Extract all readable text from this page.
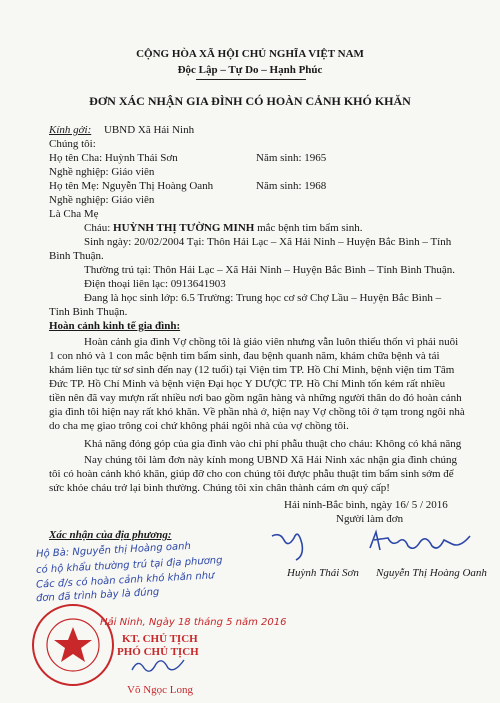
CỘNG HÒA XÃ HỘI CHỦ NGHĨA VIỆT NAM
Độc Lập – Tự Do – Hạnh Phúc
ĐƠN XÁC NHẬN GIA ĐÌNH CÓ HOÀN CẢNH KHÓ KHĂN
Kính gởi: UBND Xã Hải Ninh
Chúng tôi:
Họ tên Cha: Huỳnh Thái Sơn	Năm sinh: 1965
Nghề nghiệp: Giáo viên
Họ tên Mẹ: Nguyễn Thị Hoàng Oanh	Năm sinh: 1968
Nghề nghiệp: Giáo viên
Là Cha Mẹ
Cháu: HUỲNH THỊ TƯỜNG MINH mắc bệnh tim bẩm sinh.
Sinh ngày: 20/02/2004 Tại: Thôn Hải Lạc – Xã Hải Ninh – Huyện Bắc Bình – Tỉnh
Bình Thuận.
Thường trú tại: Thôn Hải Lạc – Xã Hải Ninh – Huyện Bắc Bình – Tỉnh Bình Thuận.
Điện thoại liên lạc: 0913641903
Đang là học sinh lớp: 6.5 Trường: Trung học cơ sở Chợ Lầu – Huyện Bắc Bình –
Tỉnh Bình Thuận.
Hoàn cảnh kinh tế gia đình:
Hoàn cảnh gia đình Vợ chồng tôi là giáo viên nhưng vẫn luôn thiếu thốn vì phải nuôi
1 con nhỏ và 1 con mắc bệnh tim bẩm sinh, đau bệnh quanh năm, khám chữa bệnh và tái
khám liên tục từ sơ sinh đến nay (12 tuổi) tại Viện tim TP. Hồ Chí Minh, bệnh viện tim Tâm
Đức TP. Hồ Chí Minh và bệnh viện Đại học Y DƯỢC TP. Hồ Chí Minh tốn kém rất nhiều
tiền nên đã vay mượn rất nhiều nơi bao gồm ngân hàng và những người thân do đó hoàn cảnh
gia đình tôi hiện nay rất khó khăn. Về phần nhà ở, hiện nay Vợ chồng tôi ở tạm trong ngôi nhà
do cha mẹ giao trông coi chứ không phải ngôi nhà của vợ chồng tôi.
Khả năng đóng góp của gia đình vào chi phí phẫu thuật cho cháu: Không có khả năng
Nay chúng tôi làm đơn này kính mong UBND Xã Hải Ninh xác nhận gia đình chúng
tôi có hoàn cảnh khó khăn, giúp đỡ cho con chúng tôi được phẫu thuật tim bẩm sinh sớm để
sức khỏe cháu trở lại bình thường. Chúng tôi xin chân thành cám ơn quý cấp!
Hải ninh-Bắc bình, ngày 16/ 5 / 2016
Người làm đơn
Xác nhận của địa phương:
Hộ Bà: Nguyễn thị Hoàng oanh
có hộ khẩu thường trú tại địa phương
Các đ/s có hoàn cảnh khó khăn như
đơn đã trình bày là đúng
Huỳnh Thái Sơn Nguyễn Thị Hoàng Oanh
Hải Ninh, Ngày 18 tháng 5 năm 2016
KT. CHỦ TỊCH
PHÓ CHỦ TỊCH
Võ Ngọc Long
